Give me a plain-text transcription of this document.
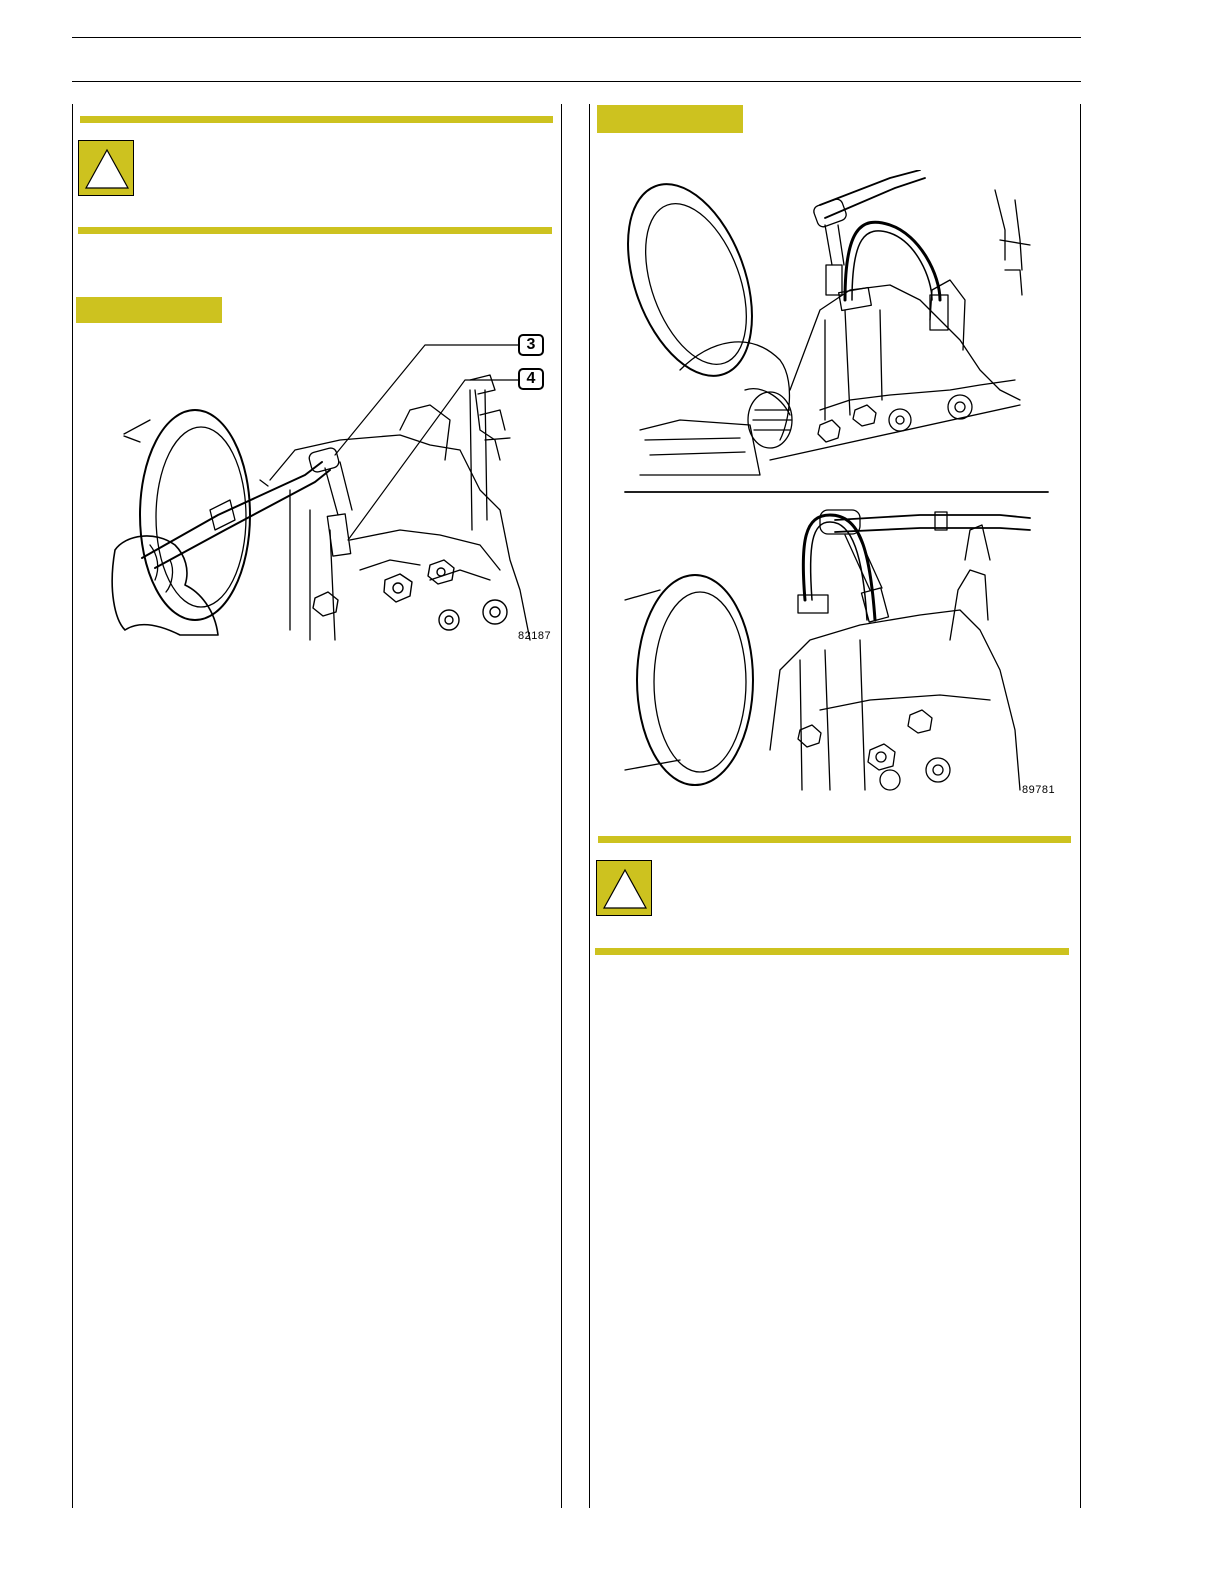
3
4
82187
89781
